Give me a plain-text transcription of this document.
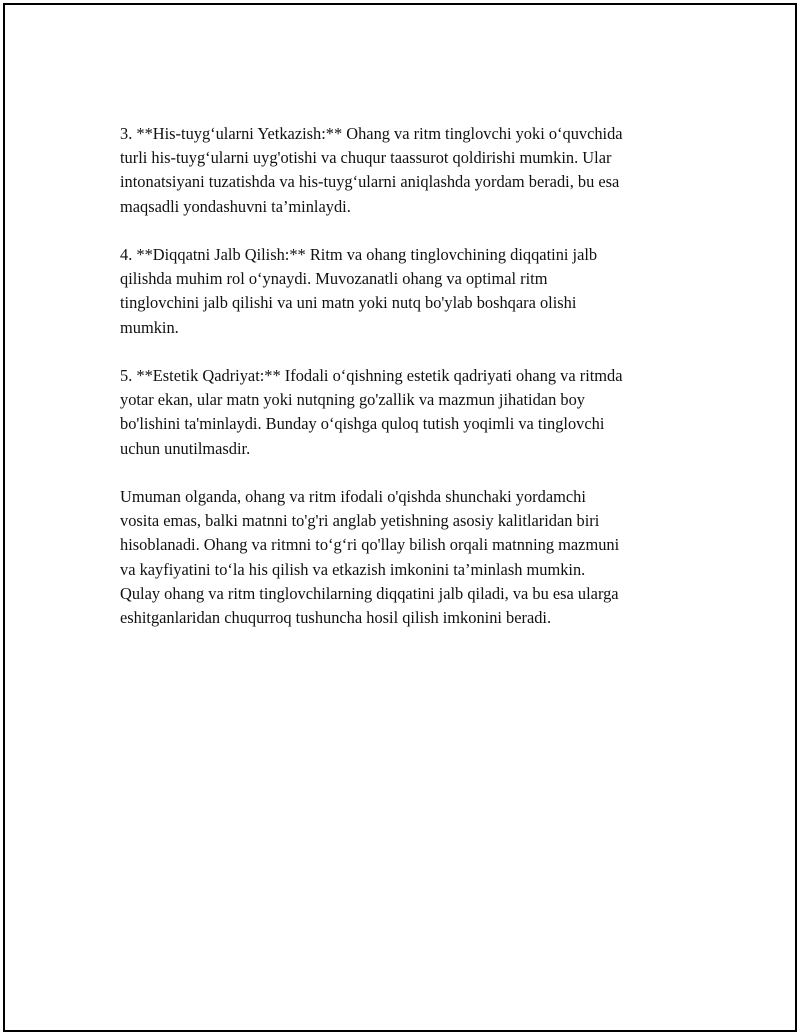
3. **His-tuyg‘ularni Yetkazish:** Ohang va ritm tinglovchi yoki o‘quvchida
turli his-tuyg‘ularni uyg'otishi va chuqur taassurot qoldirishi mumkin. Ular
intonatsiyani tuzatishda va his-tuyg‘ularni aniqlashda yordam beradi, bu esa
maqsadli yondashuvni ta’minlaydi.

4. **Diqqatni Jalb Qilish:** Ritm va ohang tinglovchining diqqatini jalb
qilishda muhim rol o‘ynaydi. Muvozanatli ohang va optimal ritm
tinglovchini jalb qilishi va uni matn yoki nutq bo'ylab boshqara olishi
mumkin.

5. **Estetik Qadriyat:** Ifodali o‘qishning estetik qadriyati ohang va ritmda
yotar ekan, ular matn yoki nutqning go'zallik va mazmun jihatidan boy
bo'lishini ta'minlaydi. Bunday o‘qishga quloq tutish yoqimli va tinglovchi
uchun unutilmasdir.

Umuman olganda, ohang va ritm ifodali o'qishda shunchaki yordamchi
vosita emas, balki matnni to'g'ri anglab yetishning asosiy kalitlaridan biri
hisoblanadi. Ohang va ritmni to‘g‘ri qo'llay bilish orqali matnning mazmuni
va kayfiyatini to‘la his qilish va etkazish imkonini ta’minlash mumkin.
Qulay ohang va ritm tinglovchilarning diqqatini jalb qiladi, va bu esa ularga
eshitganlaridan chuqurroq tushuncha hosil qilish imkonini beradi.
